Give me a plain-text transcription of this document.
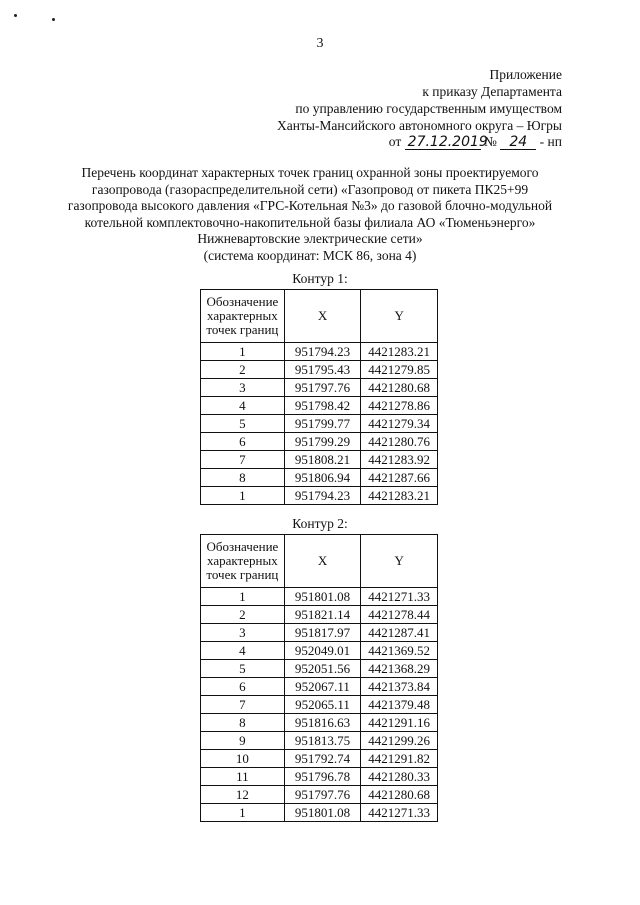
3
Приложение
к приказу Департамента
по управлению государственным имуществом
Ханты-Мансийского автономного округа – Югры
от 27.12.2019 № 24 - нп
Перечень координат характерных точек границ охранной зоны проектируемого
газопровода (газораспределительной сети) «Газопровод от пикета ПК25+99
газопровода высокого давления «ГРС-Котельная №3» до газовой блочно-модульной
котельной комплектовочно-накопительной базы филиала АО «Тюменьэнерго»
Нижневартовские электрические сети»
(система координат: МСК 86, зона 4)
Контур 1:
Обозначение характерных точек границ	X	Y
1	951794.23	4421283.21
2	951795.43	4421279.85
3	951797.76	4421280.68
4	951798.42	4421278.86
5	951799.77	4421279.34
6	951799.29	4421280.76
7	951808.21	4421283.92
8	951806.94	4421287.66
1	951794.23	4421283.21
Контур 2:
Обозначение характерных точек границ	X	Y
1	951801.08	4421271.33
2	951821.14	4421278.44
3	951817.97	4421287.41
4	952049.01	4421369.52
5	952051.56	4421368.29
6	952067.11	4421373.84
7	952065.11	4421379.48
8	951816.63	4421291.16
9	951813.75	4421299.26
10	951792.74	4421291.82
11	951796.78	4421280.33
12	951797.76	4421280.68
1	951801.08	4421271.33
